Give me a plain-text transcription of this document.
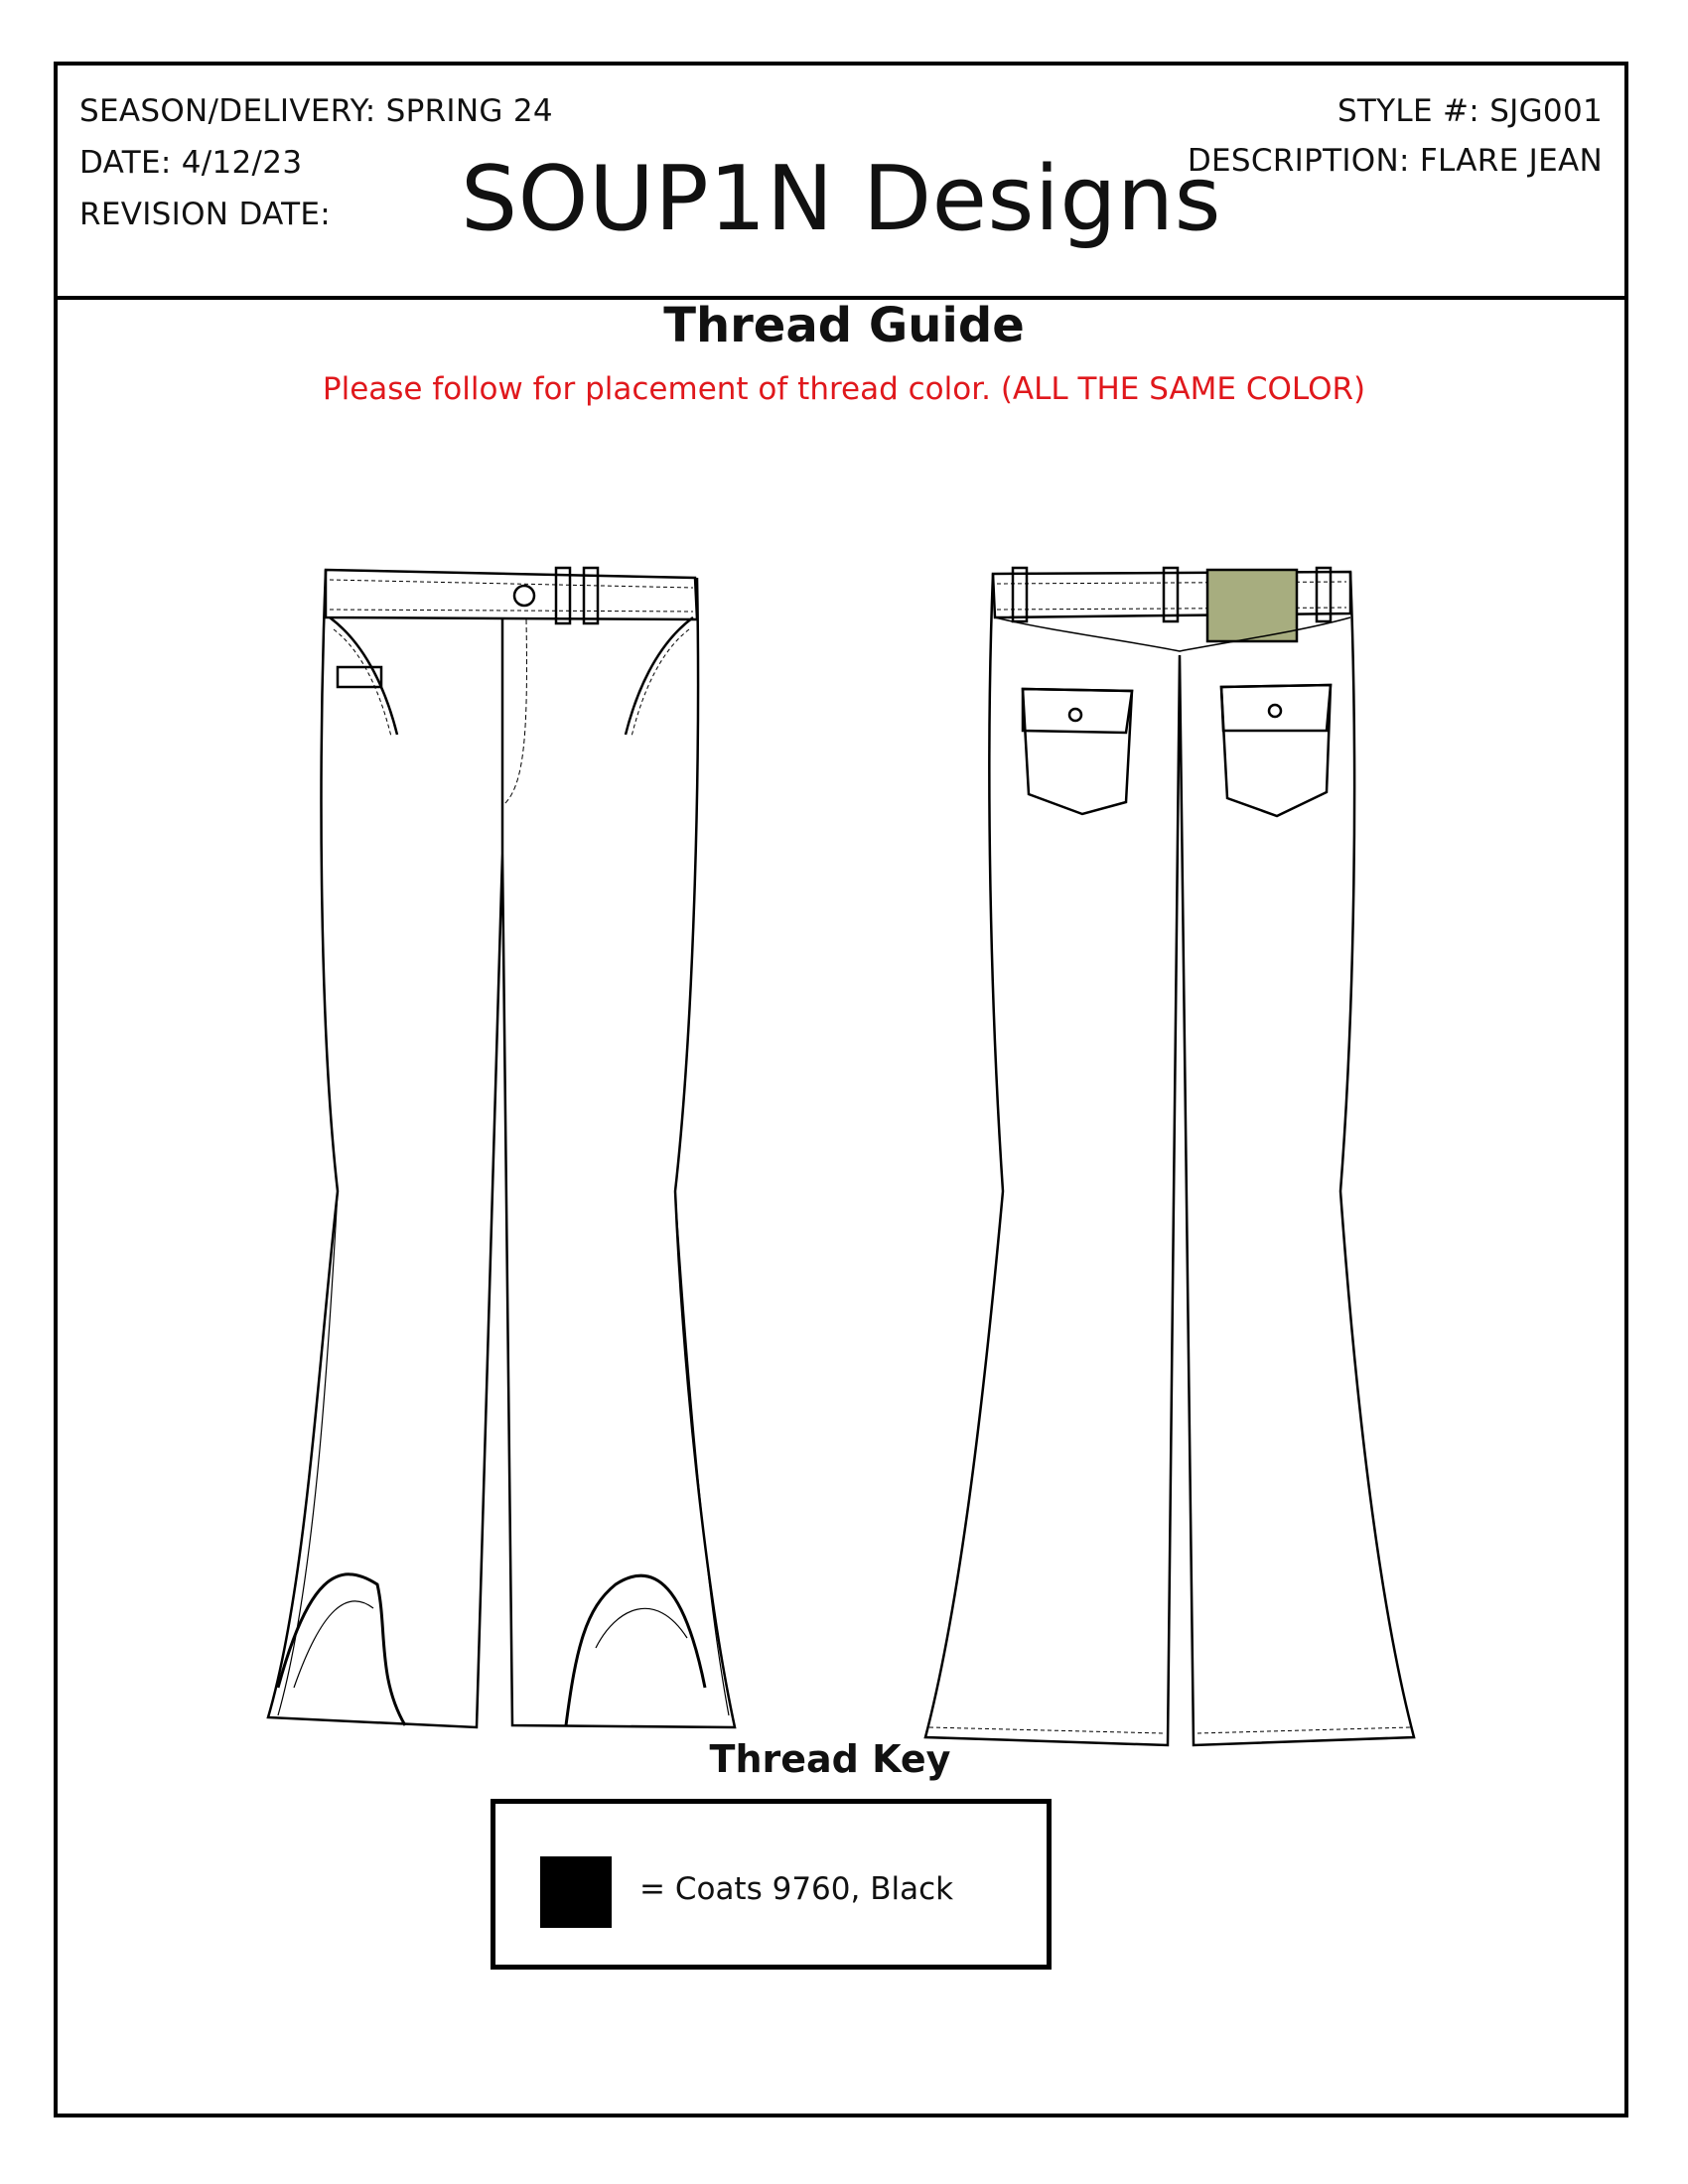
SEASON/DELIVERY: SPRING 24
DATE: 4/12/23
REVISION DATE:	SOUP1N Designs
STYLE #: SJG001
DESCRIPTION: FLARE JEAN
Thread Guide
Please follow for placement of thread color. (ALL THE SAME COLOR)
Thread Key
= Coats 9760, Black
